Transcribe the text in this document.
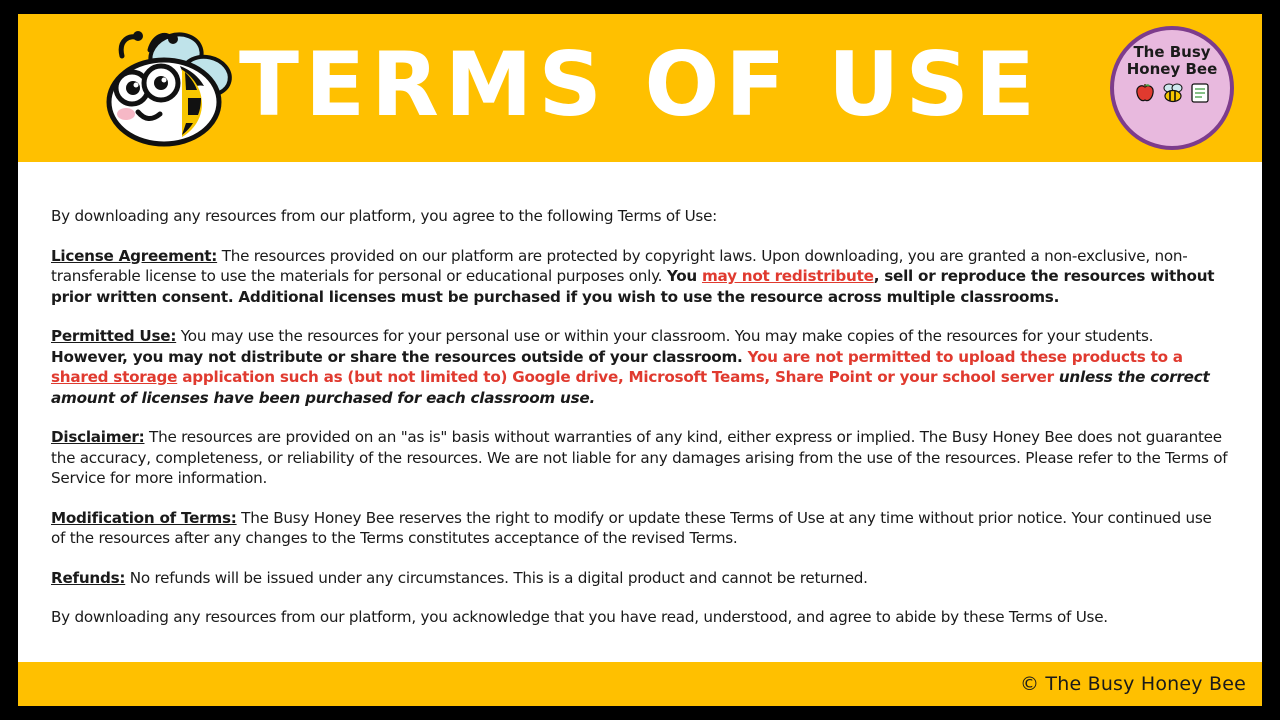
TERMS OF USE	The Busy
Honey Bee

By downloading any resources from our platform, you agree to the following Terms of Use:

License Agreement: The resources provided on our platform are protected by copyright laws. Upon downloading, you are granted a non-exclusive, non-transferable license to use the materials for personal or educational purposes only. You may not redistribute, sell or reproduce the resources without prior written consent. Additional licenses must be purchased if you wish to use the resource across multiple classrooms.

Permitted Use: You may use the resources for your personal use or within your classroom. You may make copies of the resources for your students. However, you may not distribute or share the resources outside of your classroom. You are not permitted to upload these products to a shared storage application such as (but not limited to) Google drive, Microsoft Teams, Share Point or your school server unless the correct amount of licenses have been purchased for each classroom use.

Disclaimer: The resources are provided on an "as is" basis without warranties of any kind, either express or implied. The Busy Honey Bee does not guarantee the accuracy, completeness, or reliability of the resources. We are not liable for any damages arising from the use of the resources. Please refer to the Terms of Service for more information.

Modification of Terms: The Busy Honey Bee reserves the right to modify or update these Terms of Use at any time without prior notice. Your continued use of the resources after any changes to the Terms constitutes acceptance of the revised Terms.

Refunds: No refunds will be issued under any circumstances. This is a digital product and cannot be returned.

By downloading any resources from our platform, you acknowledge that you have read, understood, and agree to abide by these Terms of Use.

© The Busy Honey Bee
